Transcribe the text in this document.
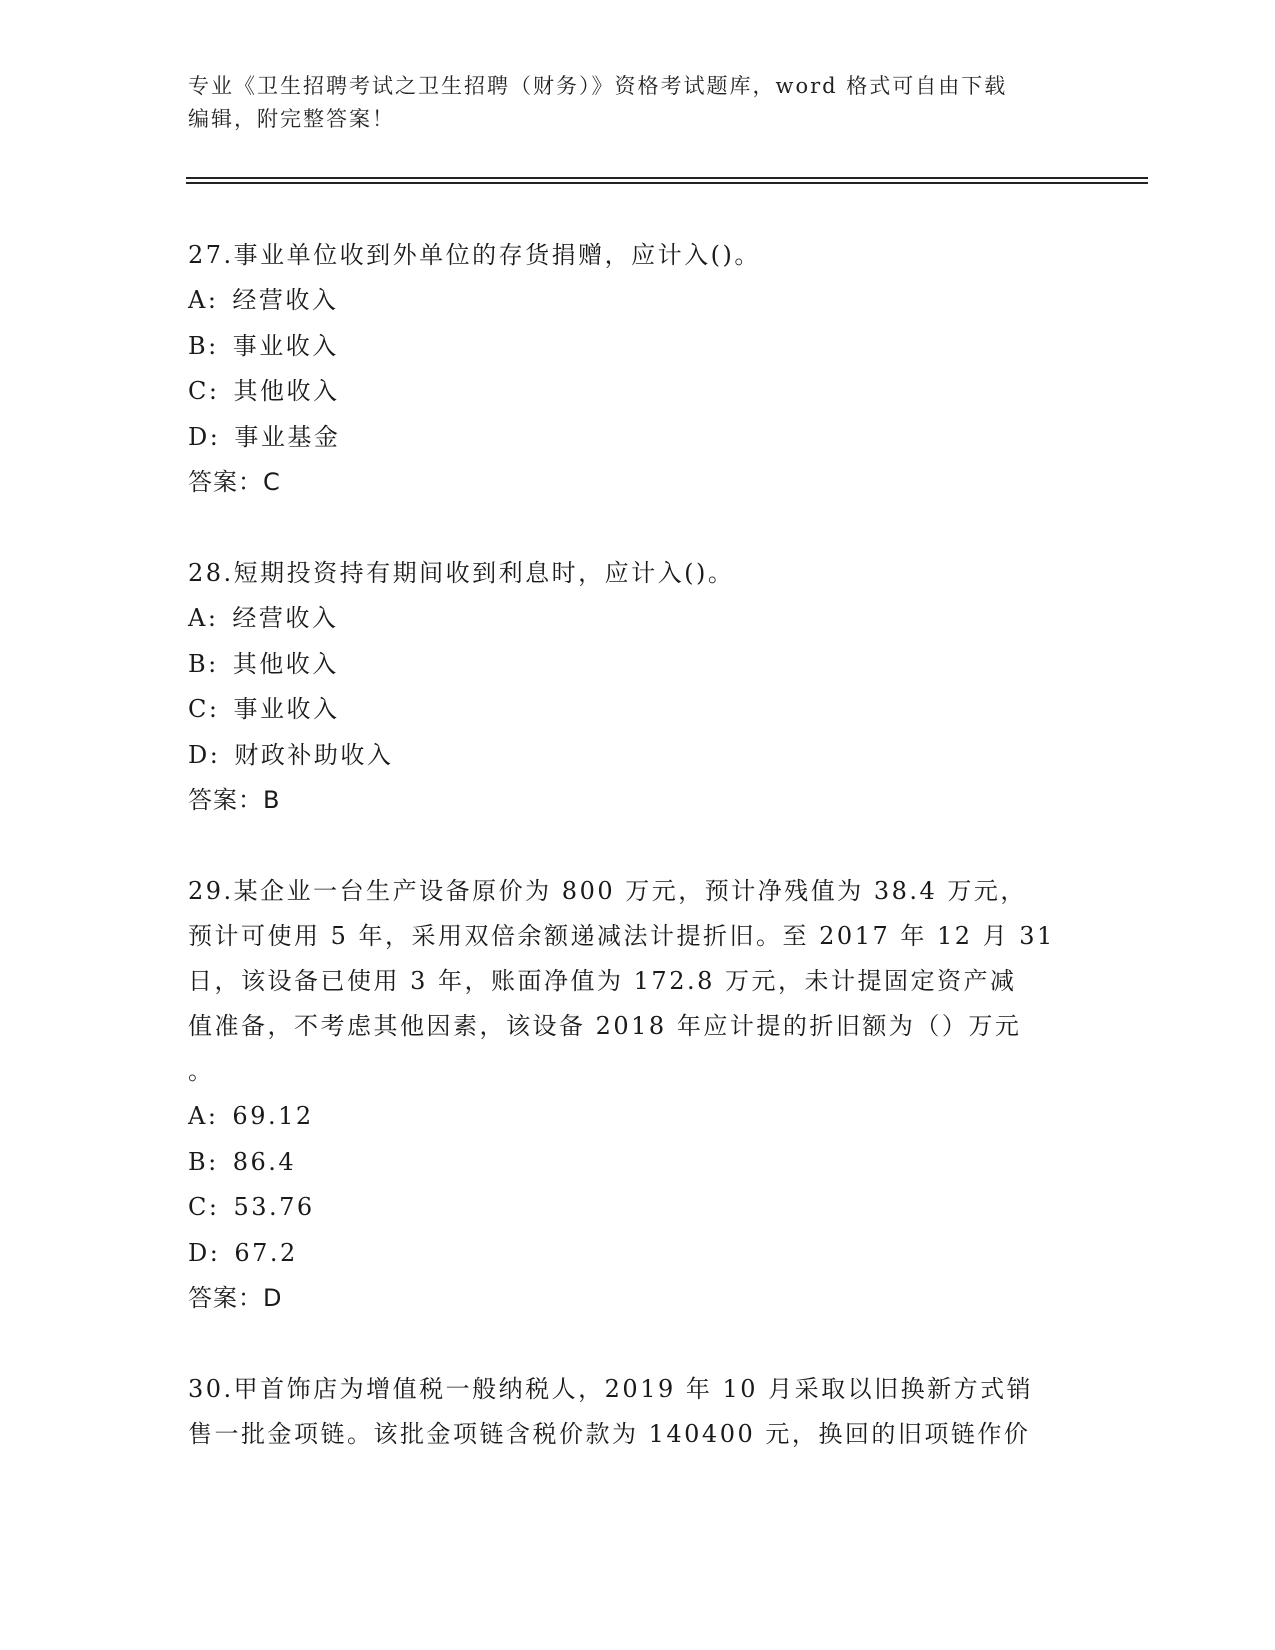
专业《卫生招聘考试之卫生招聘（财务）》资格考试题库，word 格式可自由下载
编辑，附完整答案！
27.事业单位收到外单位的存货捐赠，应计入()。
A: 经营收入
B: 事业收入
C: 其他收入
D: 事业基金
答案：C
28.短期投资持有期间收到利息时，应计入()。
A: 经营收入
B: 其他收入
C: 事业收入
D: 财政补助收入
答案：B
29.某企业一台生产设备原价为 800 万元，预计净残值为 38.4 万元，
预计可使用 5 年，采用双倍余额递减法计提折旧。至 2017 年 12 月 31
日，该设备已使用 3 年，账面净值为 172.8 万元，未计提固定资产减
值准备，不考虑其他因素，该设备 2018 年应计提的折旧额为（）万元
。
A: 69.12
B: 86.4
C: 53.76
D: 67.2
答案：D
30.甲首饰店为增值税一般纳税人，2019 年 10 月采取以旧换新方式销
售一批金项链。该批金项链含税价款为 140400 元，换回的旧项链作价
